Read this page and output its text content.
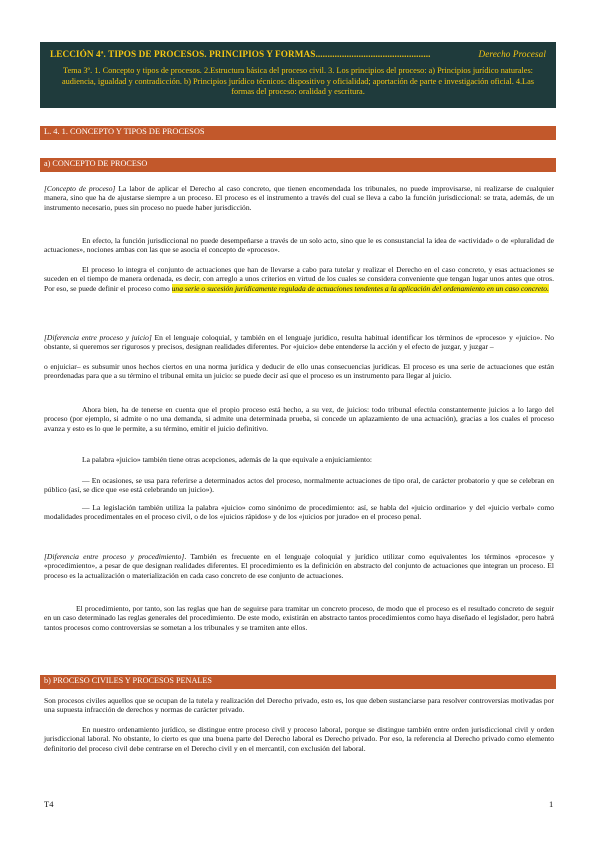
Derecho Procesal
LECCIÓN 4ª. TIPOS DE PROCESOS. PRINCIPIOS Y FORMAS................................................
Tema 3º. 1. Concepto y tipos de procesos. 2.Estructura básica del proceso civil. 3. Los principios del proceso: a) Principios jurídico naturales: audiencia, igualdad y contradicción. b) Principios jurídico técnicos: dispositivo y oficialidad; aportación de parte e investigación oficial. 4.Las formas del proceso: oralidad y escritura.
L. 4. 1. CONCEPTO Y TIPOS DE PROCESOS
a) CONCEPTO DE PROCESO
[Concepto de proceso] La labor de aplicar el Derecho al caso concreto, que tienen encomendada los tribunales, no puede improvisarse, ni realizarse de cualquier manera, sino que ha de ajustarse siempre a un proceso. El proceso es el instrumento a través del cual se lleva a cabo la función jurisdiccional: se trata, además, de un instrumento necesario, pues sin proceso no puede haber jurisdicción.
En efecto, la función jurisdiccional no puede desempeñarse a través de un solo acto, sino que le es consustancial la idea de «actividad» o de «pluralidad de actuaciones», nociones ambas con las que se asocia el concepto de «proceso».
El proceso lo integra el conjunto de actuaciones que han de llevarse a cabo para tutelar y realizar el Derecho en el caso concreto, y esas actuaciones se suceden en el tiempo de manera ordenada, es decir, con arreglo a unos criterios en virtud de los cuales se considera conveniente que tengan lugar unos antes que otros. Por eso, se puede definir el proceso como una serie o sucesión jurídicamente regulada de actuaciones tendentes a la aplicación del ordenamiento en un caso concreto.
[Diferencia entre proceso y juicio] En el lenguaje coloquial, y también en el lenguaje jurídico, resulta habitual identificar los términos de «proceso» y «juicio». No obstante, si queremos ser rigurosos y precisos, designan realidades diferentes. Por «juicio» debe entenderse la acción y el efecto de juzgar, y juzgar –
o enjuiciar– es subsumir unos hechos ciertos en una norma jurídica y deducir de ello unas consecuencias jurídicas. El proceso es una serie de actuaciones que están preordenadas para que a su término el tribunal emita un juicio: se puede decir así que el proceso es un instrumento para llegar al juicio.
Ahora bien, ha de tenerse en cuenta que el propio proceso está hecho, a su vez, de juicios: todo tribunal efectúa constantemente juicios a lo largo del proceso (por ejemplo, si admite o no una demanda, si admite una determinada prueba, si concede un aplazamiento de una actuación), gracias a los cuales el proceso avanza y esto es lo que le permite, a su término, emitir el juicio definitivo.
La palabra «juicio» también tiene otras acepciones, además de la que equivale a enjuiciamiento:
— En ocasiones, se usa para referirse a determinados actos del proceso, normalmente actuaciones de tipo oral, de carácter probatorio y que se celebran en público (así, se dice que «se está celebrando un juicio»).
— La legislación también utiliza la palabra «juicio» como sinónimo de procedimiento: así, se habla del «juicio ordinario» y del «juicio verbal» como modalidades procedimentales en el proceso civil, o de los «juicios rápidos» y de los «juicios por jurado» en el proceso penal.
[Diferencia entre proceso y procedimiento]. También es frecuente en el lenguaje coloquial y jurídico utilizar como equivalentes los términos «proceso» y «procedimiento», a pesar de que designan realidades diferentes. El procedimiento es la definición en abstracto del conjunto de actuaciones que integran un proceso. El proceso es la actualización o materialización en cada caso concreto de ese conjunto de actuaciones.
El procedimiento, por tanto, son las reglas que han de seguirse para tramitar un concreto proceso, de modo que el proceso es el resultado concreto de seguir en un caso determinado las reglas generales del procedimiento. De este modo, existirán en abstracto tantos procedimientos como haya diseñado el legislador, pero habrá tantos procesos como controversias se sometan a los tribunales y se tramiten ante ellos.
b) PROCESO CIVILES Y PROCESOS PENALES
Son procesos civiles aquellos que se ocupan de la tutela y realización del Derecho privado, esto es, los que deben sustanciarse para resolver controversias motivadas por una supuesta infracción de derechos y normas de carácter privado.
En nuestro ordenamiento jurídico, se distingue entre proceso civil y proceso laboral, porque se distingue también entre orden jurisdiccional civil y orden jurisdiccional laboral. No obstante, lo cierto es que una buena parte del Derecho laboral es Derecho privado. Por eso, la referencia al Derecho privado como elemento definitorio del proceso civil debe centrarse en el Derecho civil y en el mercantil, con exclusión del laboral.
T4	1
